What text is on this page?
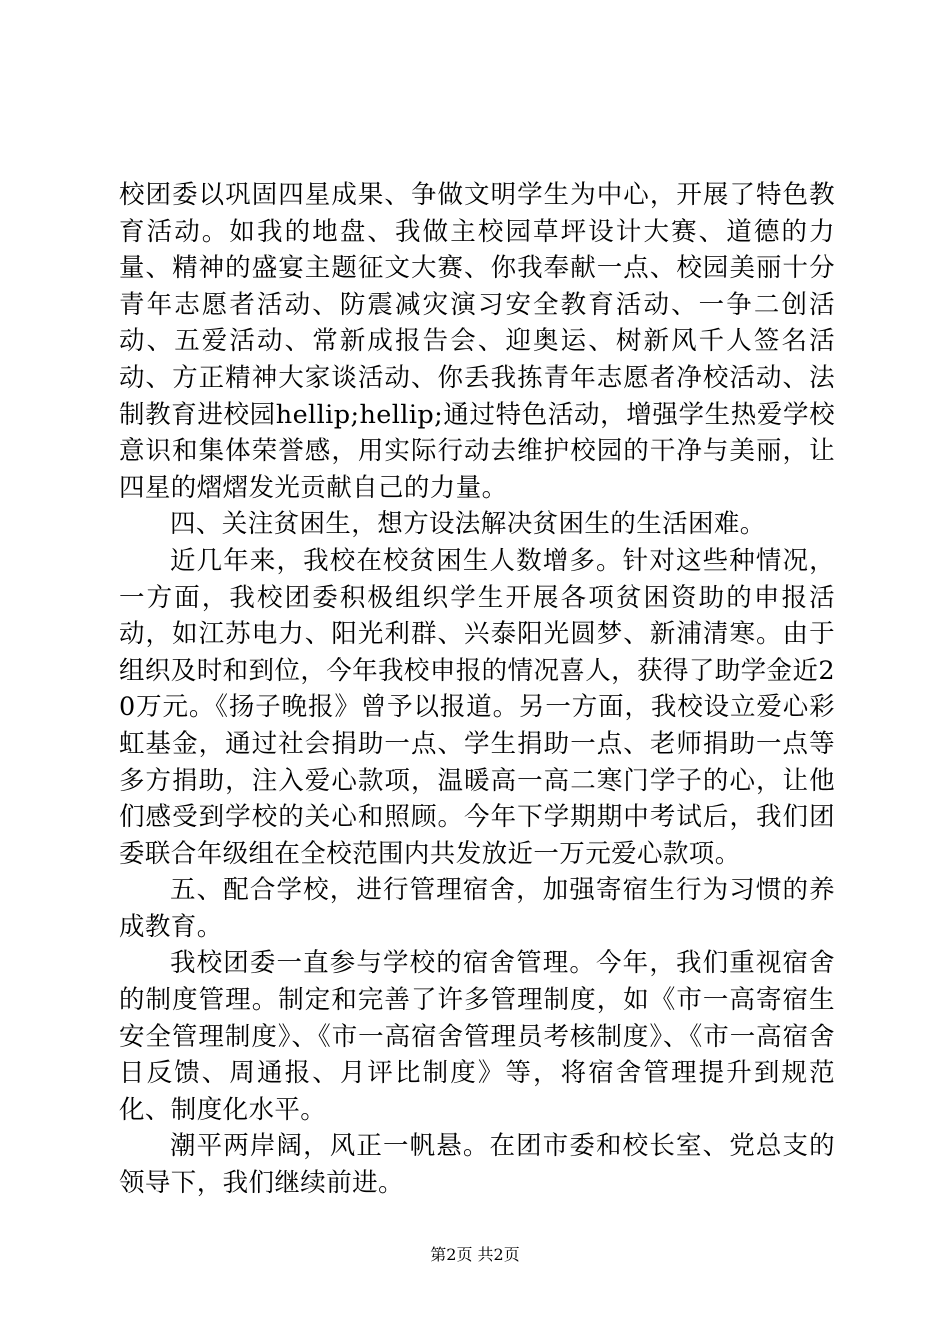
校团委以巩固四星成果、争做文明学生为中心，开展了特色教育活动。如我的地盘、我做主校园草坪设计大赛、道德的力量、精神的盛宴主题征文大赛、你我奉献一点、校园美丽十分青年志愿者活动、防震减灾演习安全教育活动、一争二创活动、五爱活动、常新成报告会、迎奥运、树新风千人签名活动、方正精神大家谈活动、你丢我拣青年志愿者净校活动、法制教育进校园hellip;hellip;通过特色活动，增强学生热爱学校意识和集体荣誉感，用实际行动去维护校园的干净与美丽，让四星的熠熠发光贡献自己的力量。

四、关注贫困生，想方设法解决贫困生的生活困难。

近几年来，我校在校贫困生人数增多。针对这些种情况，一方面，我校团委积极组织学生开展各项贫困资助的申报活动，如江苏电力、阳光利群、兴泰阳光圆梦、新浦清寒。由于组织及时和到位，今年我校申报的情况喜人，获得了助学金近20万元。《扬子晚报》曾予以报道。另一方面，我校设立爱心彩虹基金，通过社会捐助一点、学生捐助一点、老师捐助一点等多方捐助，注入爱心款项，温暖高一高二寒门学子的心，让他们感受到学校的关心和照顾。今年下学期期中考试后，我们团委联合年级组在全校范围内共发放近一万元爱心款项。

五、配合学校，进行管理宿舍，加强寄宿生行为习惯的养成教育。

我校团委一直参与学校的宿舍管理。今年，我们重视宿舍的制度管理。制定和完善了许多管理制度，如《市一高寄宿生安全管理制度》、《市一高宿舍管理员考核制度》、《市一高宿舍日反馈、周通报、月评比制度》等，将宿舍管理提升到规范化、制度化水平。

潮平两岸阔，风正一帆悬。在团市委和校长室、党总支的领导下，我们继续前进。

第2页 共2页
